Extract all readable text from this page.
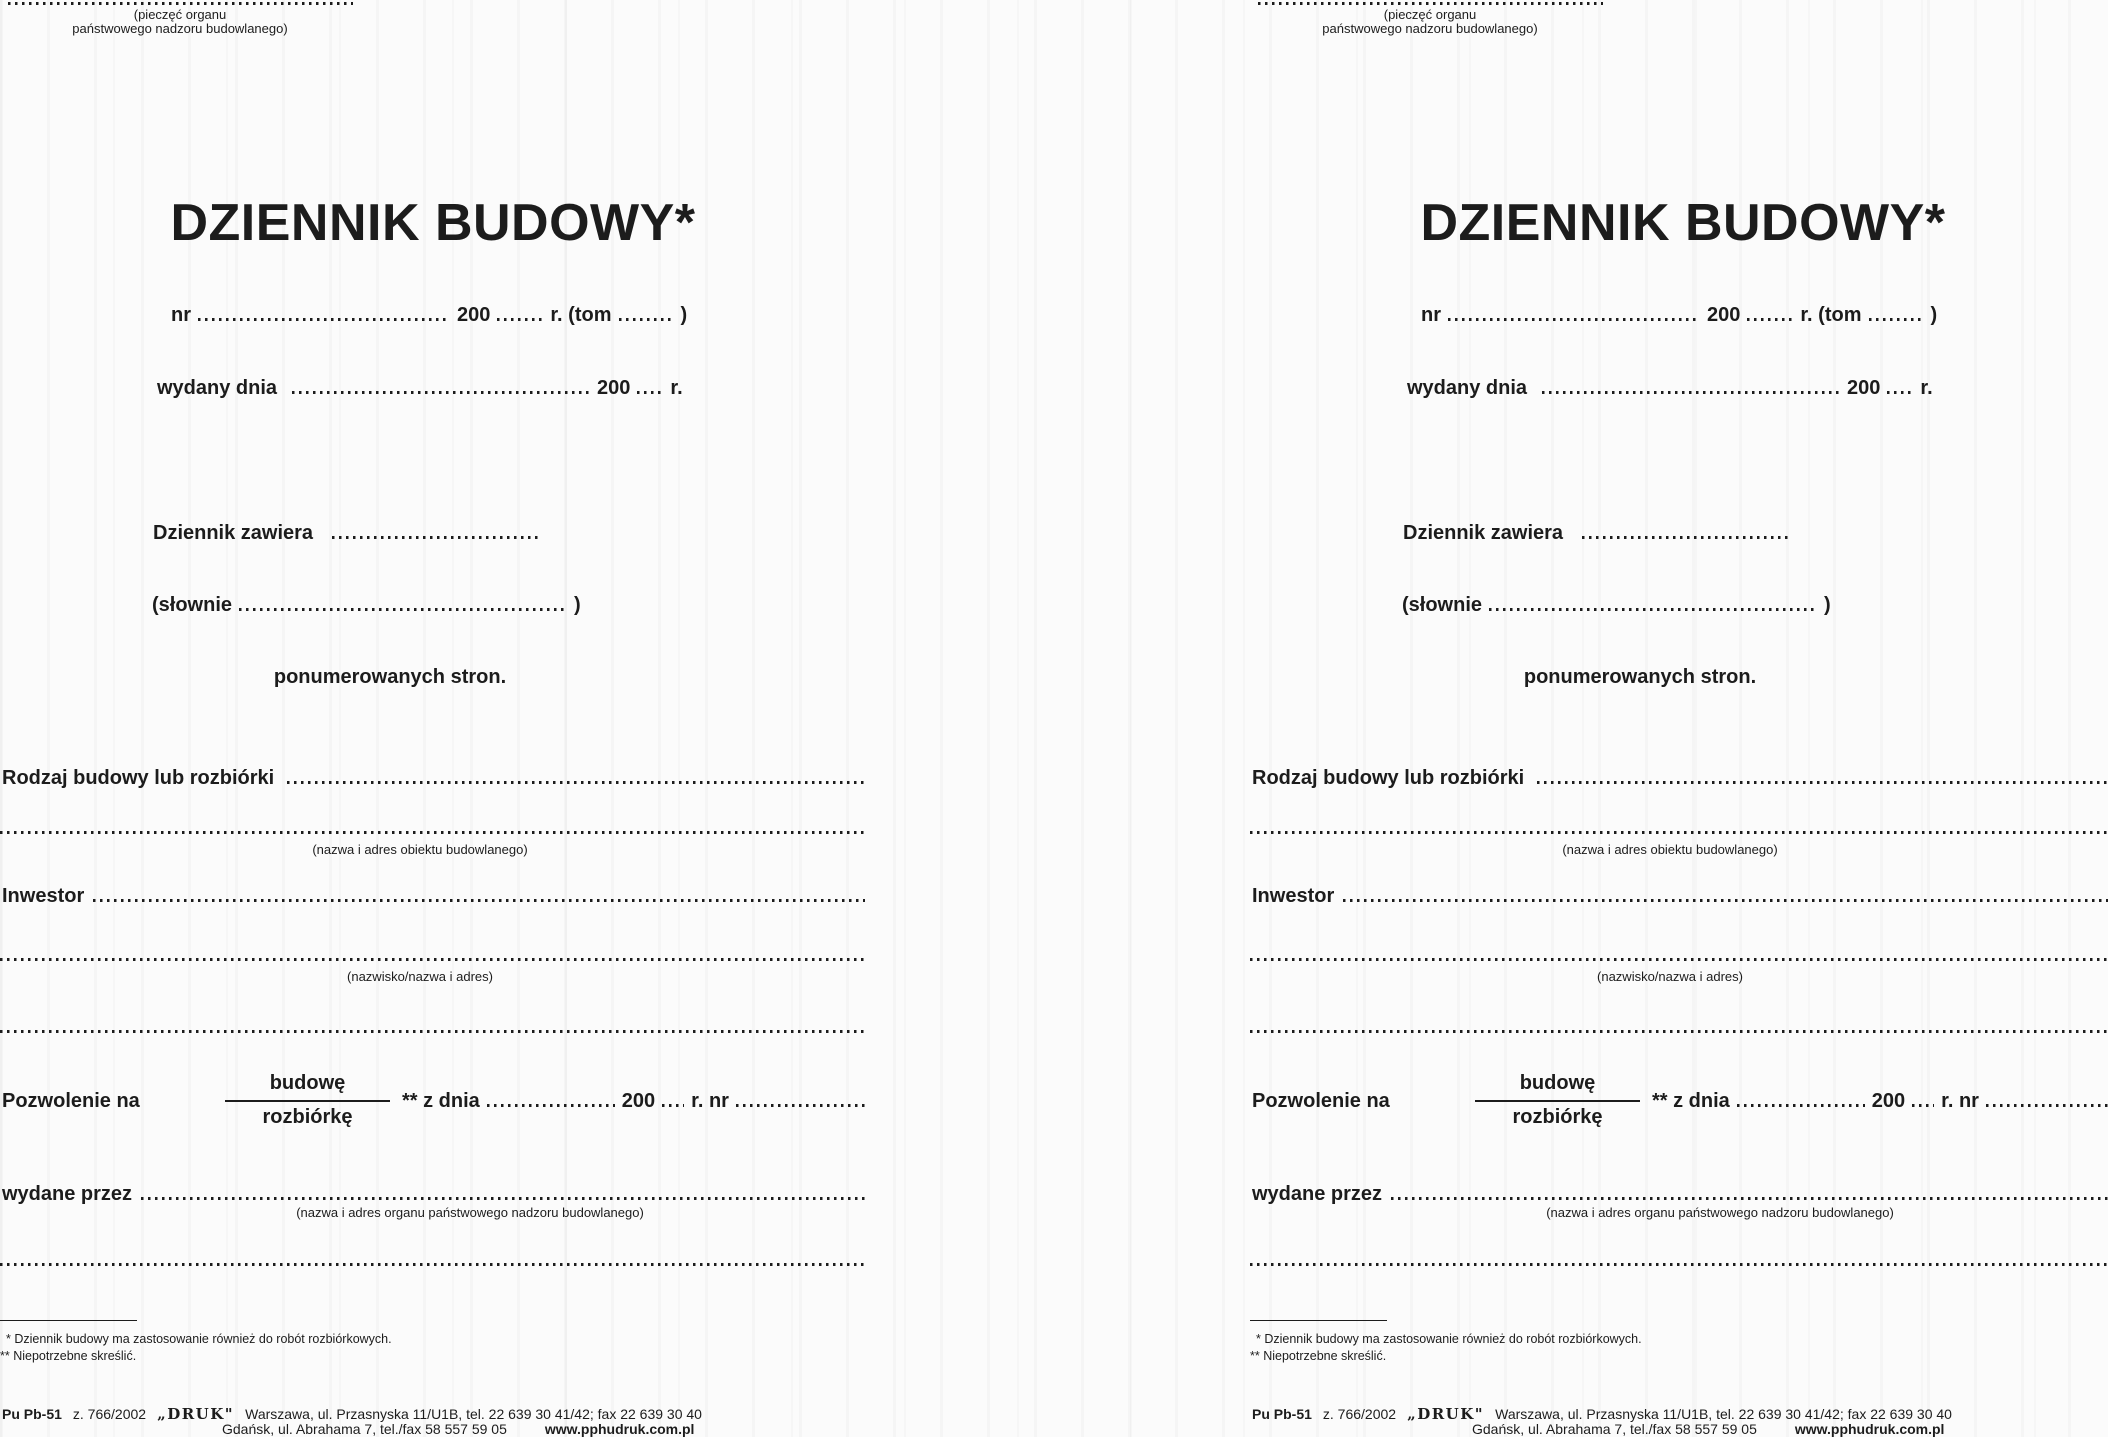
(pieczęć organu
państwowego nadzoru budowlanego)
DZIENNIK BUDOWY*
nr	200	r. (tom	)
wydany dnia	200 r.
Dziennik zawiera
(słownie	)
ponumerowanych stron.
Rodzaj budowy lub rozbiórki
(nazwa i adres obiektu budowlanego)
Inwestor
(nazwisko/nazwa i adres)
Pozwolenie na
budowę
rozbiórkę
** z dnia	200 r. nr
wydane przez
(nazwa i adres organu państwowego nadzoru budowlanego)
* Dziennik budowy ma zastosowanie również do robót rozbiórkowych.
** Niepotrzebne skreślić.
Pu Pb-51 z. 766/2002 „DRUK" Warszawa, ul. Przasnyska 11/U1B, tel. 22 639 30 41/42; fax 22 639 30 40
Gdańsk, ul. Abrahama 7, tel./fax 58 557 59 05	www.pphudruk.com.pl
(pieczęć organu
państwowego nadzoru budowlanego)
DZIENNIK BUDOWY*
nr	200	r. (tom	)
wydany dnia	200 r.
Dziennik zawiera
(słownie	)
ponumerowanych stron.
Rodzaj budowy lub rozbiórki
(nazwa i adres obiektu budowlanego)
Inwestor
(nazwisko/nazwa i adres)
Pozwolenie na
budowę
rozbiórkę
** z dnia	200 r. nr
wydane przez
(nazwa i adres organu państwowego nadzoru budowlanego)
* Dziennik budowy ma zastosowanie również do robót rozbiórkowych.
** Niepotrzebne skreślić.
Pu Pb-51 z. 766/2002 „DRUK" Warszawa, ul. Przasnyska 11/U1B, tel. 22 639 30 41/42; fax 22 639 30 40
Gdańsk, ul. Abrahama 7, tel./fax 58 557 59 05	www.pphudruk.com.pl
